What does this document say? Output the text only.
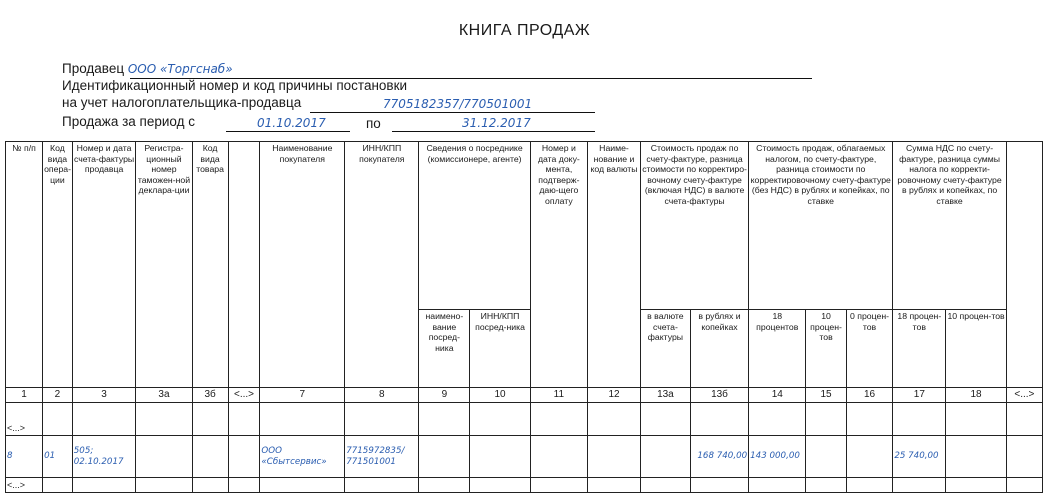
КНИГА ПРОДАЖ
Продавец ООО «Торгснаб»
Идентификационный номер и код причины постановки
на учет налогоплательщика-продавца	7705182357/770501001
Продажа за период с	01.10.2017	по	31.12.2017
№ п/п	Код вида опера-ции	Номер и дата счета-фактуры продавца	Регистра-ционный номер таможен-ной деклара-ции	Код вида товара		Наименование покупателя	ИНН/КПП покупателя	Сведения о посреднике (комиссионере, агенте)		Номер и дата доку-мента, подтверж-даю-щего оплату	Наиме-нование и код валюты	Стоимость продаж по счету-фактуре, разница стоимости по корректиро-вочному счету-фактуре (включая НДС) в валюте счета-фактуры		Стоимость продаж, облагаемых налогом, по счету-фактуре, разница стоимости по корректировочному счету-фактуре (без НДС) в рублях и копейках, по ставке			Сумма НДС по счету-фактуре, разница суммы налога по корректи-ровочному счету-фактуре в рублях и копейках, по ставке		
								наимено-вание посред-ника	ИНН/КПП посред-ника			в валюте счета-фактуры	в рублях и копейках	18 процентов	10 процен-тов	0 процен-тов	18 процен-тов	10 процен-тов	
1	2	3	3а	3б	<...>	7	8	9	10	11	12	13а	13б	14	15	16	17	18	<...>
<...>																			
8	01	505; 02.10.2017				ООО «Сбытсервис»	7715972835/ 771501001						168 740,00	143 000,00			25 740,00		
<...>																			
